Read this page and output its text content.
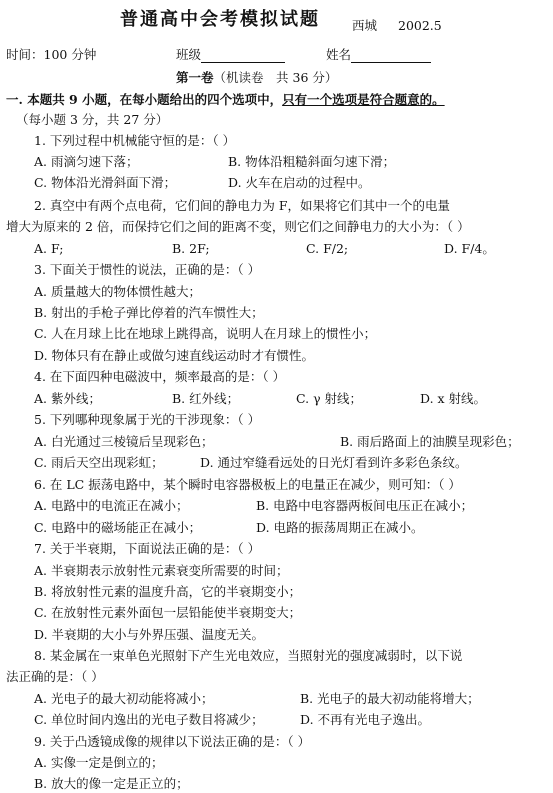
普通高中会考模拟试题	西城 2002.5
时间：100 分钟	班级	姓名
第一卷（机读卷　共 36 分）
一. 本题共 9 小题，在每小题给出的四个选项中，只有一个选项是符合题意的。
（每小题 3 分，共 27 分）
1. 下列过程中机械能守恒的是：（ ）
A. 雨滴匀速下落；	B. 物体沿粗糙斜面匀速下滑；
C. 物体沿光滑斜面下滑；	D. 火车在启动的过程中。
2. 真空中有两个点电荷，它们间的静电力为 F，如果将它们其中一个的电量
增大为原来的 2 倍，而保持它们之间的距离不变，则它们之间静电力的大小为：（ ）
A. F;	B. 2F;	C. F/2;	D. F/4。
3. 下面关于惯性的说法，正确的是：（ ）
A. 质量越大的物体惯性越大；
B. 射出的手枪子弹比停着的汽车惯性大；
C. 人在月球上比在地球上跳得高，说明人在月球上的惯性小；
D. 物体只有在静止或做匀速直线运动时才有惯性。
4. 在下面四种电磁波中，频率最高的是：（ ）
A. 紫外线；	B. 红外线；	C. γ 射线；	D. x 射线。
5. 下列哪种现象属于光的干涉现象：（ ）
A. 白光通过三棱镜后呈现彩色；	B. 雨后路面上的油膜呈现彩色；
C. 雨后天空出现彩虹；	D. 通过窄缝看远处的日光灯看到许多彩色条纹。
6. 在 LC 振荡电路中，某个瞬时电容器极板上的电量正在减少，则可知：（ ）
A. 电路中的电流正在减小；	B. 电路中电容器两板间电压正在减小；
C. 电路中的磁场能正在减小；	D. 电路的振荡周期正在减小。
7. 关于半衰期，下面说法正确的是：（ ）
A. 半衰期表示放射性元素衰变所需要的时间；
B. 将放射性元素的温度升高，它的半衰期变小；
C. 在放射性元素外面包一层铅能使半衰期变大；
D. 半衰期的大小与外界压强、温度无关。
8. 某金属在一束单色光照射下产生光电效应，当照射光的强度减弱时，以下说
法正确的是：（ ）
A. 光电子的最大初动能将减小；	B. 光电子的最大初动能将增大；
C. 单位时间内逸出的光电子数目将减少；	D. 不再有光电子逸出。
9. 关于凸透镜成像的规律以下说法正确的是：（ ）
A. 实像一定是倒立的；
B. 放大的像一定是正立的；
